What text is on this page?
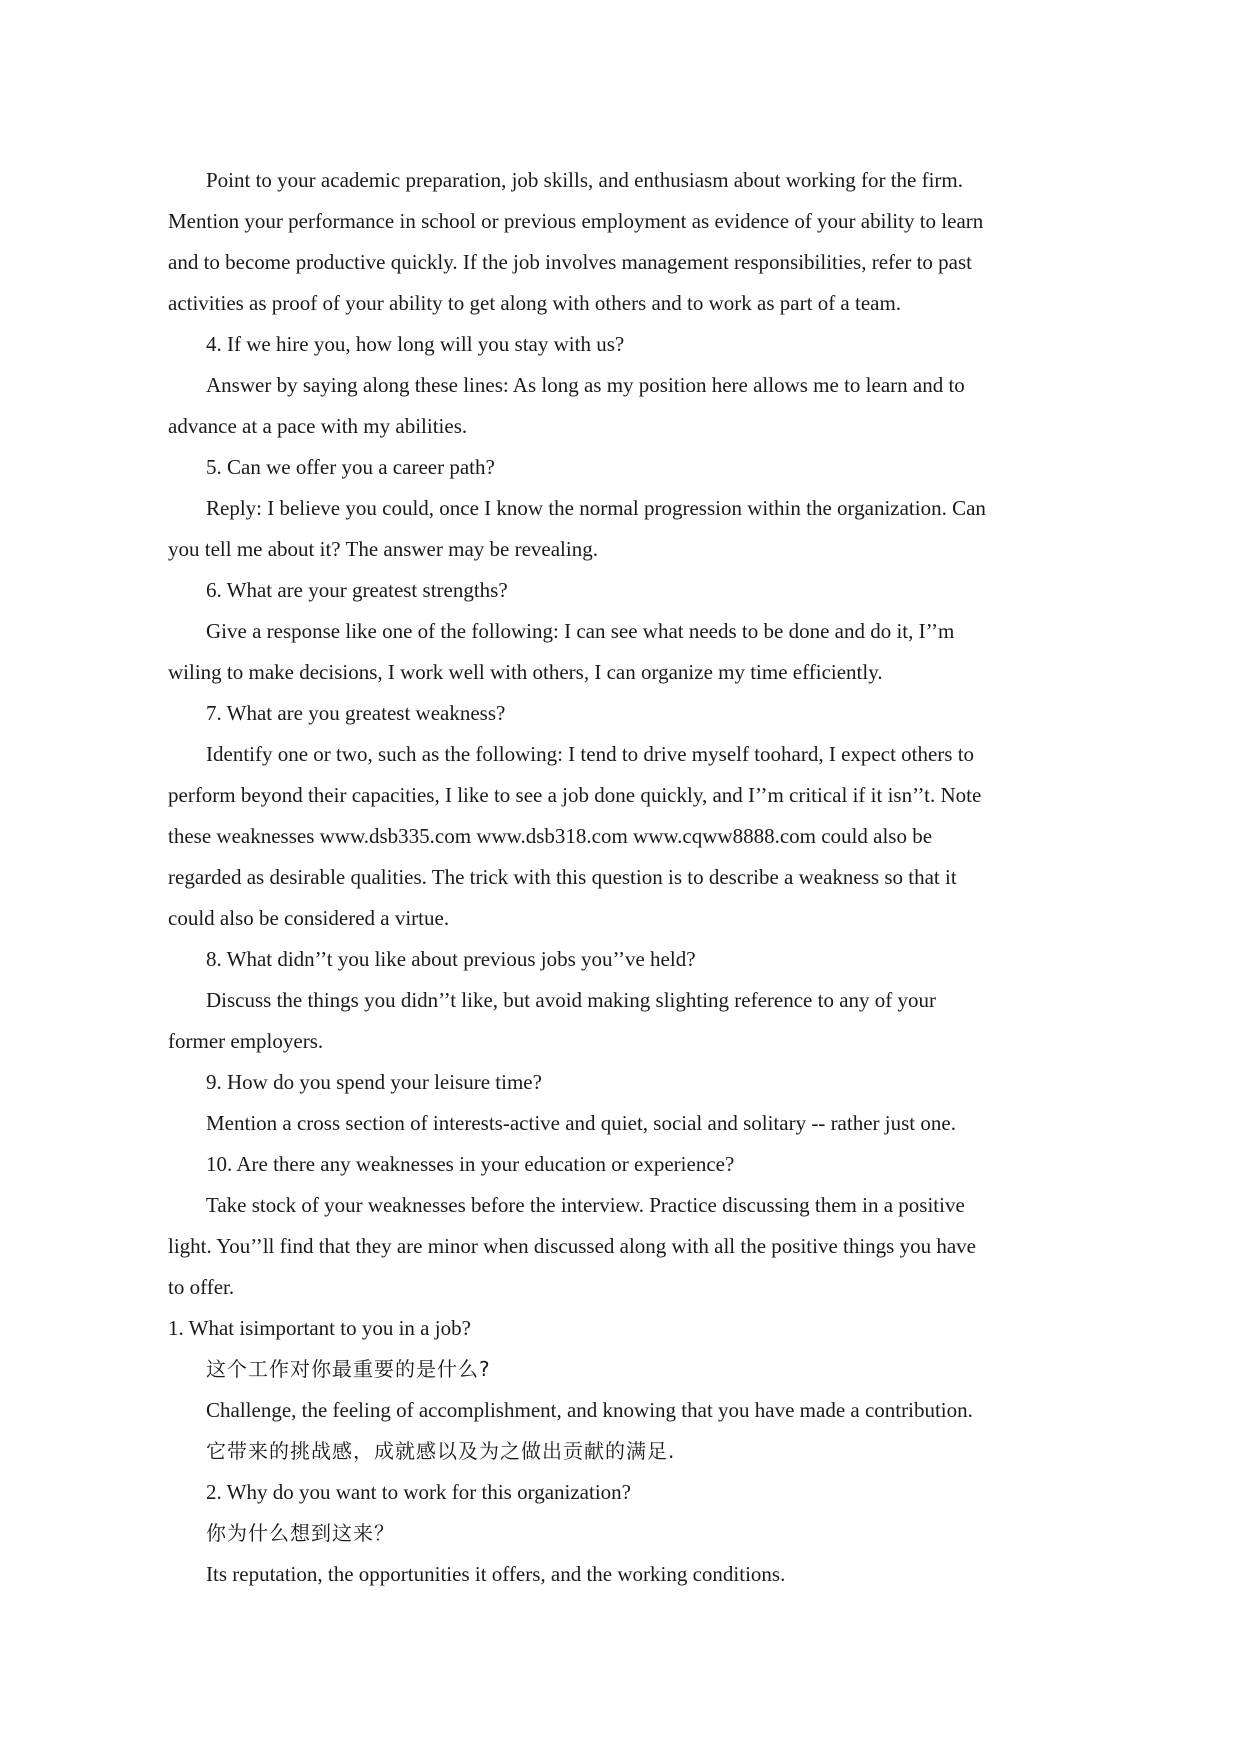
Point to your academic preparation, job skills, and enthusiasm about working for the firm.
Mention your performance in school or previous employment as evidence of your ability to learn
and to become productive quickly. If the job involves management responsibilities, refer to past
activities as proof of your ability to get along with others and to work as part of a team.
4. If we hire you, how long will you stay with us?
Answer by saying along these lines: As long as my position here allows me to learn and to
advance at a pace with my abilities.
5. Can we offer you a career path?
Reply: I believe you could, once I know the normal progression within the organization. Can
you tell me about it? The answer may be revealing.
6. What are your greatest strengths?
Give a response like one of the following: I can see what needs to be done and do it, I’’m
wiling to make decisions, I work well with others, I can organize my time efficiently.
7. What are you greatest weakness?
Identify one or two, such as the following: I tend to drive myself toohard, I expect others to
perform beyond their capacities, I like to see a job done quickly, and I’’m critical if it isn’’t. Note
these weaknesses www.dsb335.com www.dsb318.com www.cqww8888.com could also be
regarded as desirable qualities. The trick with this question is to describe a weakness so that it
could also be considered a virtue.
8. What didn’’t you like about previous jobs you’’ve held?
Discuss the things you didn’’t like, but avoid making slighting reference to any of your
former employers.
9. How do you spend your leisure time?
Mention a cross section of interests-active and quiet, social and solitary -- rather just one.
10. Are there any weaknesses in your education or experience?
Take stock of your weaknesses before the interview. Practice discussing them in a positive
light. You’’ll find that they are minor when discussed along with all the positive things you have
to offer.
1. What isimportant to you in a job?
这个工作对你最重要的是什么?
Challenge, the feeling of accomplishment, and knowing that you have made a contribution.
它带来的挑战感，成就感以及为之做出贡献的满足.
2. Why do you want to work for this organization?
你为什么想到这来？
Its reputation, the opportunities it offers, and the working conditions.
